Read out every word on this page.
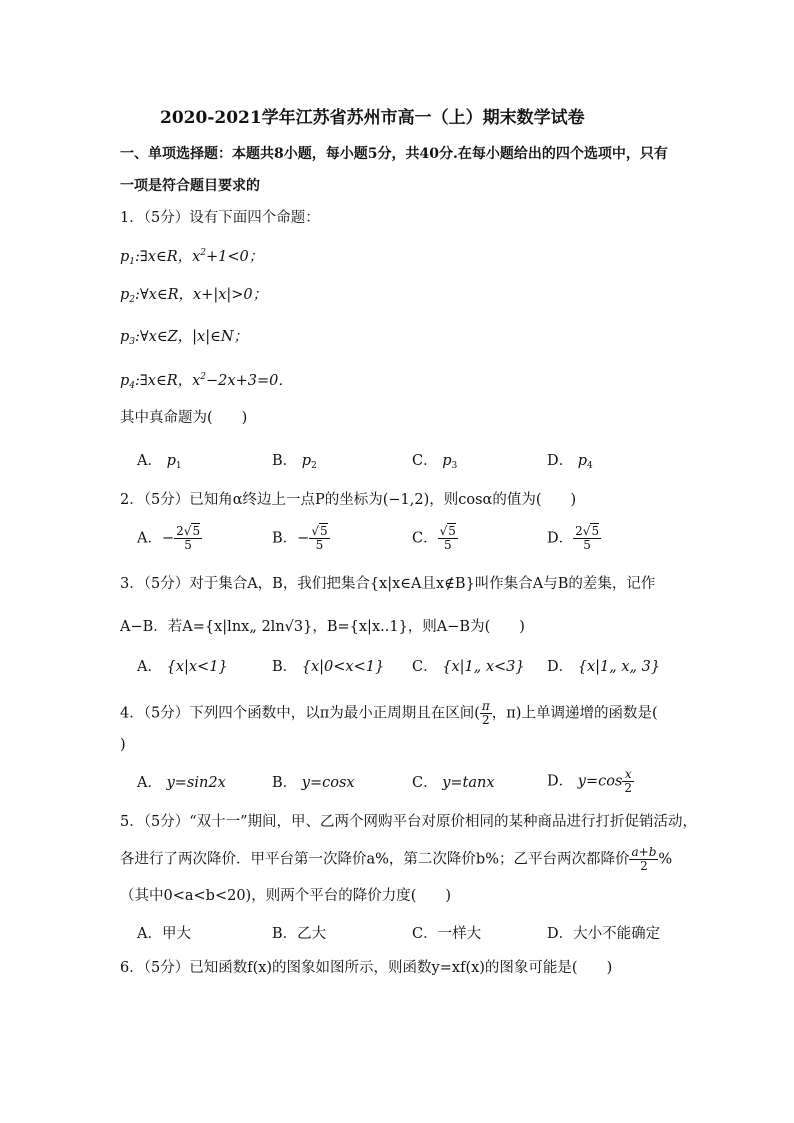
2020-2021学年江苏省苏州市高一（上）期末数学试卷
一、单项选择题：本题共8小题，每小题5分，共40分.在每小题给出的四个选项中，只有
一项是符合题目要求的
1．（5分）设有下面四个命题：
$p_1:\exists x\in R$，$x^2+1<0$；
$p_2:\forall x\in R$，x+|x|>0；
$p_3:\forall x\in Z$，|x|∈N；
$p_4:\exists x\in R$，$x^2-2x+3=0$．
其中真命题为(　　)
A． $p_1$	B． $p_2$	C． $p_3$	D． $p_4$
2．（5分）已知角α终边上一点P的坐标为(−1,2)，则cosα的值为(　　)
A．− $\frac{2√5}{5}$	B．− $\frac{√5}{5}$	C． $\frac{√5}{5}$	D． $\frac{2√5}{5}$
3．（5分）对于集合A，B，我们把集合{x|x∈A且x∉B}叫作集合A与B的差集，记作
A−B．若A={x|lnx„ 2ln√3}，B={x|x..1}，则A−B为(　　)
A． {x|x<1}	B． {x|0<x<1} C． {x|1„ x<3} D． {x|1„ x„ 3}
4．（5分）下列四个函数中，以π为最小正周期且在区间( $\frac{\pi}{2}$ ，π)上单调递增的函数是(
)
A． y=sin2x	B． y=cosx	C． y=tanx	D． $y=\cos \frac{x}{2}$
5．（5分）“双十一”期间，甲、乙两个网购平台对原价相同的某种商品进行打折促销活动，
各进行了两次降价．甲平台第一次降价a%，第二次降价b%；乙平台两次都降价 $\frac{a+b}{2}$ %
（其中0<a<b<20)，则两个平台的降价力度(　　)
A．甲大	B．乙大	C．一样大	D．大小不能确定
6．（5分）已知函数f(x)的图象如图所示，则函数y=xf(x)的图象可能是(　　)
